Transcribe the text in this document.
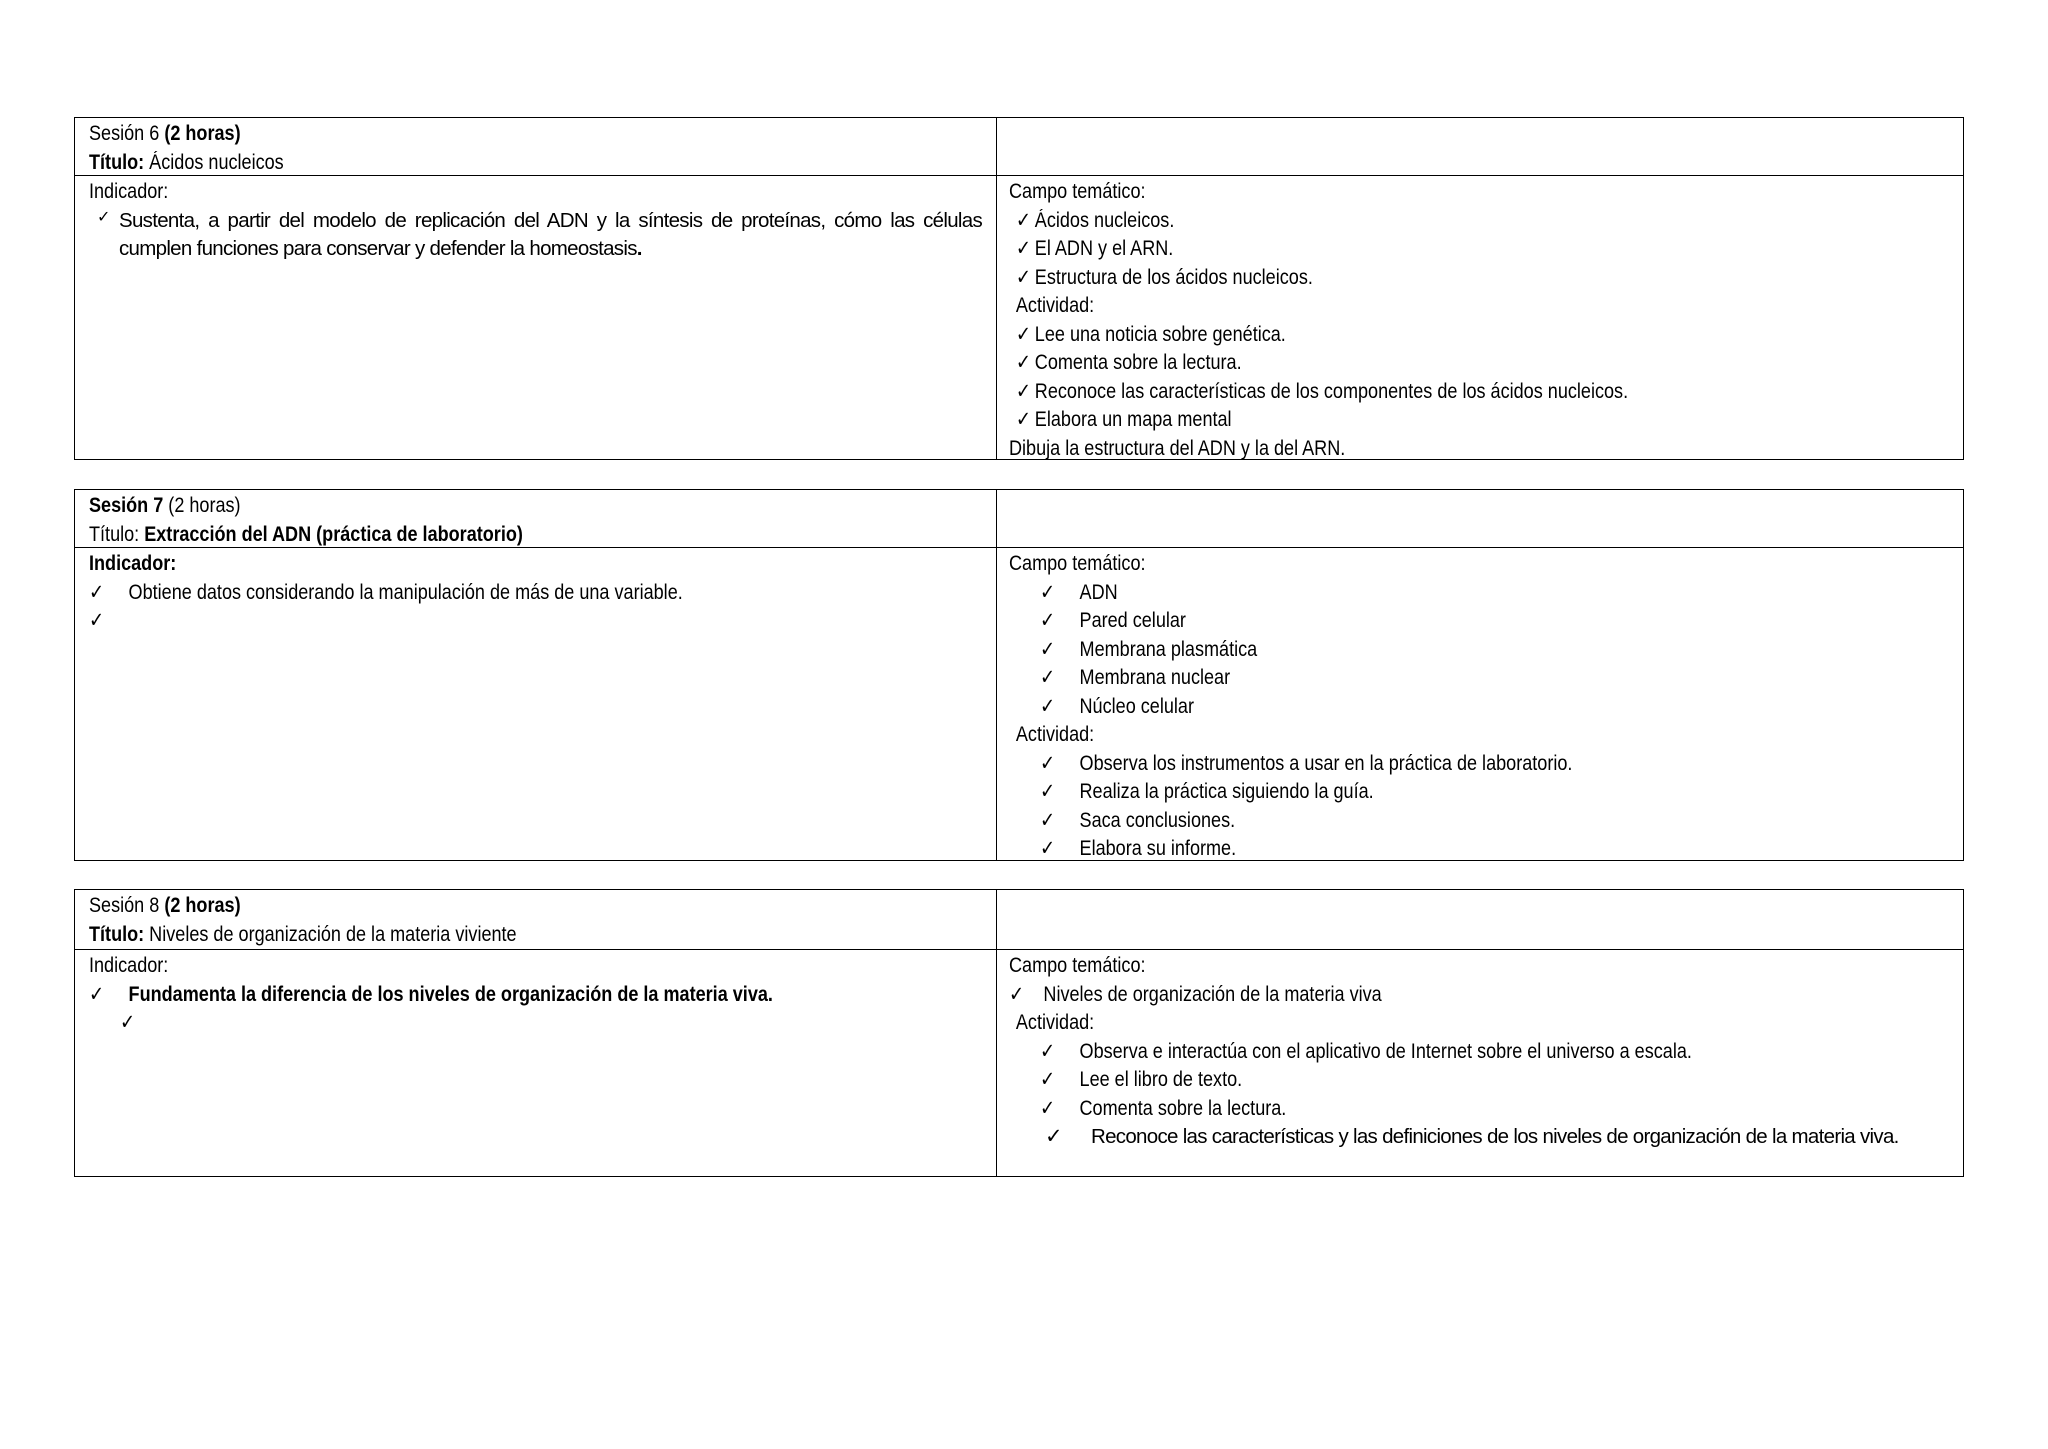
Sesión 6 (2 horas)
Título: Ácidos nucleicos
Indicador:
✓ Sustenta, a partir del modelo de replicación del ADN y la síntesis de proteínas, cómo las células cumplen funciones para conservar y defender la homeostasis.
Campo temático:
✓ Ácidos nucleicos.
✓ El ADN y el ARN.
✓ Estructura de los ácidos nucleicos.
Actividad:
✓ Lee una noticia sobre genética.
✓ Comenta sobre la lectura.
✓ Reconoce las características de los componentes de los ácidos nucleicos.
✓ Elabora un mapa mental
Dibuja la estructura del ADN y la del ARN.
Sesión 7 (2 horas)
Título: Extracción del ADN (práctica de laboratorio)
Indicador:
✓ Obtiene datos considerando la manipulación de más de una variable.
✓
Campo temático:
✓ ADN
✓ Pared celular
✓ Membrana plasmática
✓ Membrana nuclear
✓ Núcleo celular
Actividad:
✓ Observa los instrumentos a usar en la práctica de laboratorio.
✓ Realiza la práctica siguiendo la guía.
✓ Saca conclusiones.
✓ Elabora su informe.
Sesión 8 (2 horas)
Título: Niveles de organización de la materia viviente
Indicador:
✓ Fundamenta la diferencia de los niveles de organización de la materia viva.
✓
Campo temático:
✓ Niveles de organización de la materia viva
Actividad:
✓ Observa e interactúa con el aplicativo de Internet sobre el universo a escala.
✓ Lee el libro de texto.
✓ Comenta sobre la lectura.
✓	Reconoce las características y las definiciones de los niveles de organización de la materia viva.
